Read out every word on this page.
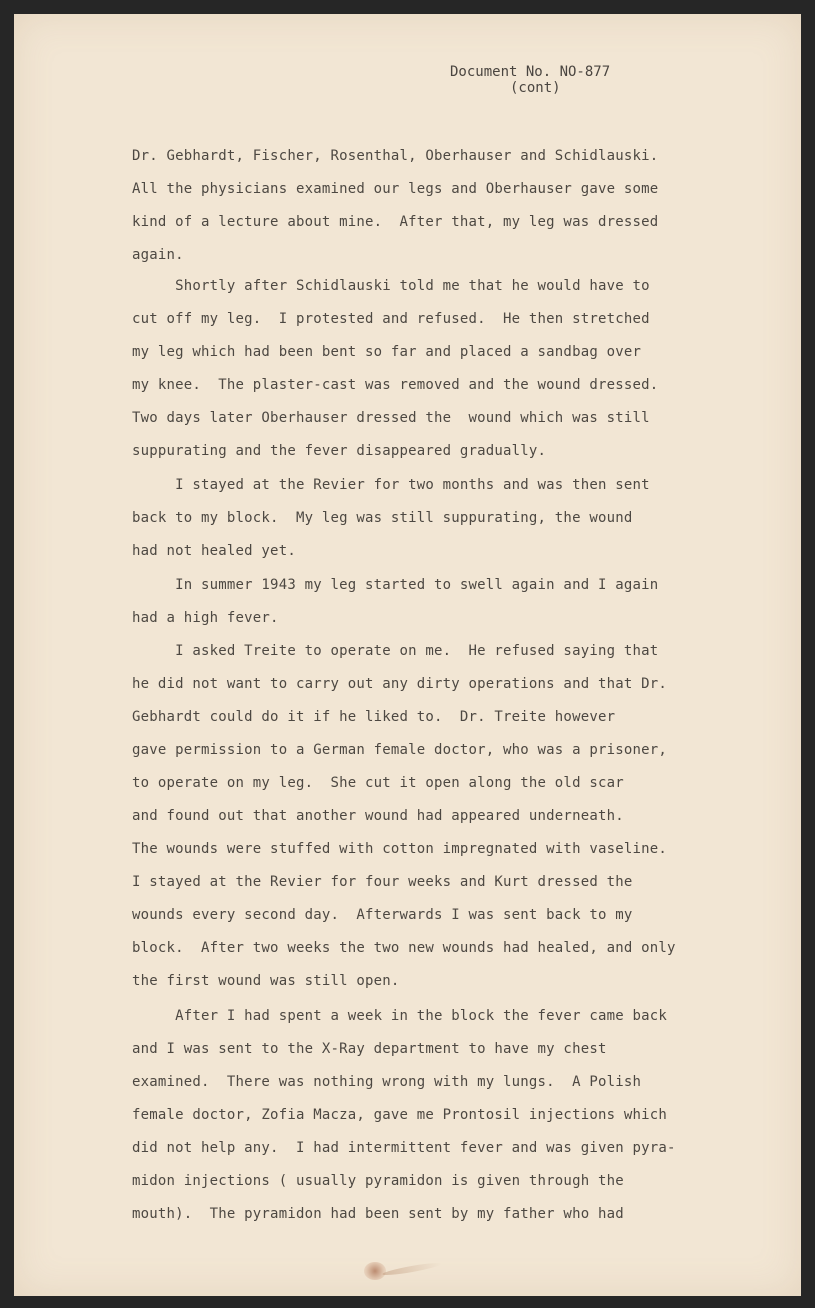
Document No. NO-877
(cont)
Dr. Gebhardt, Fischer, Rosenthal, Oberhauser and Schidlauski.
All the physicians examined our legs and Oberhauser gave some
kind of a lecture about mine.  After that, my leg was dressed
again.
Shortly after Schidlauski told me that he would have to
cut off my leg.  I protested and refused.  He then stretched
my leg which had been bent so far and placed a sandbag over
my knee.  The plaster-cast was removed and the wound dressed.
Two days later Oberhauser dressed the  wound which was still
suppurating and the fever disappeared gradually.
I stayed at the Revier for two months and was then sent
back to my block.  My leg was still suppurating, the wound
had not healed yet.
In summer 1943 my leg started to swell again and I again
had a high fever.
I asked Treite to operate on me.  He refused saying that
he did not want to carry out any dirty operations and that Dr.
Gebhardt could do it if he liked to.  Dr. Treite however
gave permission to a German female doctor, who was a prisoner,
to operate on my leg.  She cut it open along the old scar
and found out that another wound had appeared underneath.
The wounds were stuffed with cotton impregnated with vaseline.
I stayed at the Revier for four weeks and Kurt dressed the
wounds every second day.  Afterwards I was sent back to my
block.  After two weeks the two new wounds had healed, and only
the first wound was still open.
After I had spent a week in the block the fever came back
and I was sent to the X-Ray department to have my chest
examined.  There was nothing wrong with my lungs.  A Polish
female doctor, Zofia Macza, gave me Prontosil injections which
did not help any.  I had intermittent fever and was given pyra-
midon injections ( usually pyramidon is given through the
mouth).  The pyramidon had been sent by my father who had
